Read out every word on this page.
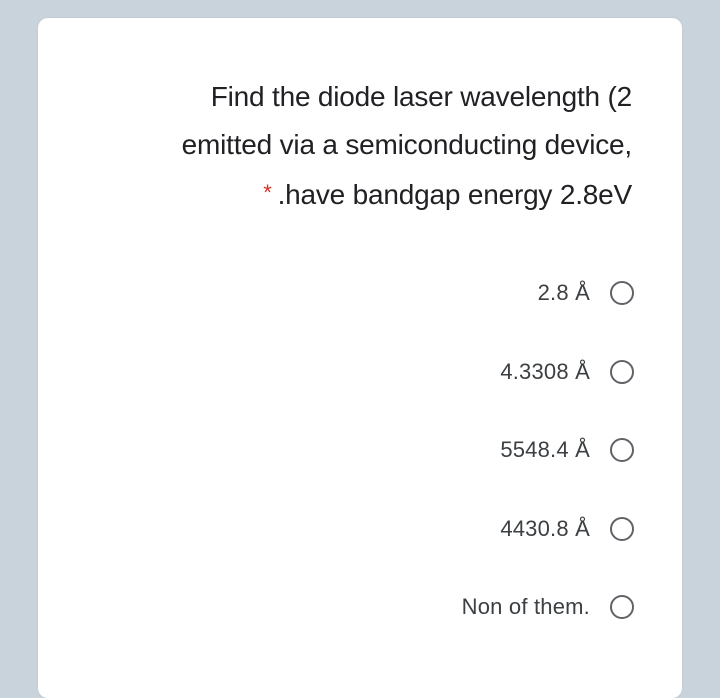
Find the diode laser wavelength (2
emitted via a semiconducting device,
* .have bandgap energy 2.8eV
2.8 Å
4.3308 Å
5548.4 Å
4430.8 Å
Non of them.
